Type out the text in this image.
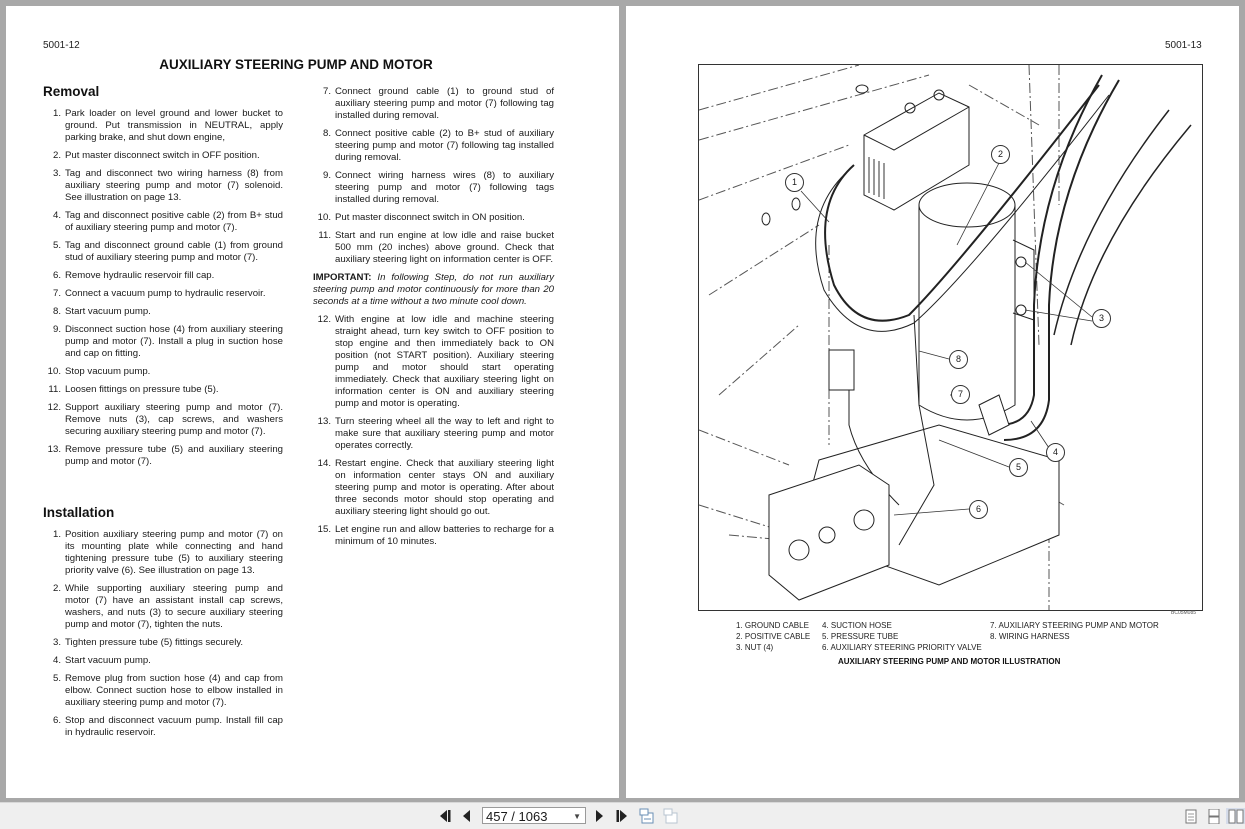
5001-12
AUXILIARY STEERING PUMP AND MOTOR
Removal
1. Park loader on level ground and lower bucket to ground. Put transmission in NEUTRAL, apply parking brake, and shut down engine,
2. Put master disconnect switch in OFF position.
3. Tag and disconnect two wiring harness (8) from auxiliary steering pump and motor (7) solenoid. See illustration on page 13.
4. Tag and disconnect positive cable (2) from B+ stud of auxiliary steering pump and motor (7).
5. Tag and disconnect ground cable (1) from ground stud of auxiliary steering pump and motor (7).
6. Remove hydraulic reservoir fill cap.
7. Connect a vacuum pump to hydraulic reservoir.
8. Start vacuum pump.
9. Disconnect suction hose (4) from auxiliary steering pump and motor (7). Install a plug in suction hose and cap on fitting.
10. Stop vacuum pump.
11. Loosen fittings on pressure tube (5).
12. Support auxiliary steering pump and motor (7). Remove nuts (3), cap screws, and washers securing auxiliary steering pump and motor (7).
13. Remove pressure tube (5) and auxiliary steering pump and motor (7).
Installation
1. Position auxiliary steering pump and motor (7) on its mounting plate while connecting and hand tightening pressure tube (5) to auxiliary steering priority valve (6). See illustration on page 13.
2. While supporting auxiliary steering pump and motor (7) have an assistant install cap screws, washers, and nuts (3) to secure auxiliary steering pump and motor (7), tighten the nuts.
3. Tighten pressure tube (5) fittings securely.
4. Start vacuum pump.
5. Remove plug from suction hose (4) and cap from elbow. Connect suction hose to elbow installed in auxiliary steering pump and motor (7).
6. Stop and disconnect vacuum pump. Install fill cap in hydraulic reservoir.
7. Connect ground cable (1) to ground stud of auxiliary steering pump and motor (7) following tag installed during removal.
8. Connect positive cable (2) to B+ stud of auxiliary steering pump and motor (7) following tag installed during removal.
9. Connect wiring harness wires (8) to auxiliary steering pump and motor (7) following tags installed during removal.
10. Put master disconnect switch in ON position.
11. Start and run engine at low idle and raise bucket 500 mm (20 inches) above ground. Check that auxiliary steering light on information center is OFF.

IMPORTANT: In following Step, do not run auxiliary steering pump and motor continuously for more than 20 seconds at a time without a two minute cool down.

12. With engine at low idle and machine steering straight ahead, turn key switch to OFF position to stop engine and then immediately back to ON position (not START position). Auxiliary steering pump and motor should start operating immediately. Check that auxiliary steering light on information center is ON and auxiliary steering pump and motor is operating.
13. Turn steering wheel all the way to left and right to make sure that auxiliary steering pump and motor operates correctly.
14. Restart engine. Check that auxiliary steering light on information center stays ON and auxiliary steering pump and motor is operating. After about three seconds motor should stop operating and auxiliary steering light should go out.
15. Let engine run and allow batteries to recharge for a minimum of 10 minutes.
5001-13
1
2
3
4
5
6
7
8
BC05M085
1. GROUND CABLE
2. POSITIVE CABLE
3. NUT (4)
4. SUCTION HOSE
5. PRESSURE TUBE
6. AUXILIARY STEERING PRIORITY VALVE
7. AUXILIARY STEERING PUMP AND MOTOR
8. WIRING HARNESS
AUXILIARY STEERING PUMP AND MOTOR ILLUSTRATION
457 / 1063	▼
